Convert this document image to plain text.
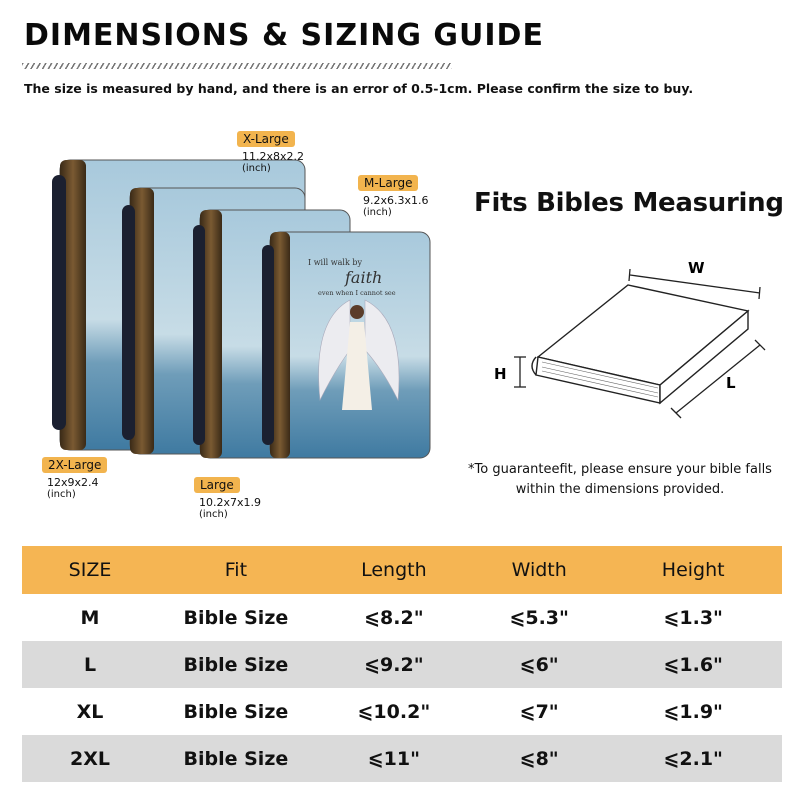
DIMENSIONS & SIZING GUIDE
The size is measured by hand, and there is an error of 0.5-1cm. Please confirm the size to buy.
I will walk by
faith
even when I cannot see
X-Large
11.2x8x2.2
(inch)
M-Large
9.2x6.3x1.6
(inch)
2X-Large
12x9x2.4
(inch)
Large
10.2x7x1.9
(inch)
Fits Bibles Measuring
W
H	L
*To guaranteefit, please ensure your bible falls
within the dimensions provided.
SIZE	Fit	Length	Width	Height
M	Bible Size	⩽8.2"	⩽5.3"	⩽1.3"
L	Bible Size	⩽9.2"	⩽6"	⩽1.6"
XL	Bible Size	⩽10.2"	⩽7"	⩽1.9"
2XL	Bible Size	⩽11"	⩽8"	⩽2.1"
